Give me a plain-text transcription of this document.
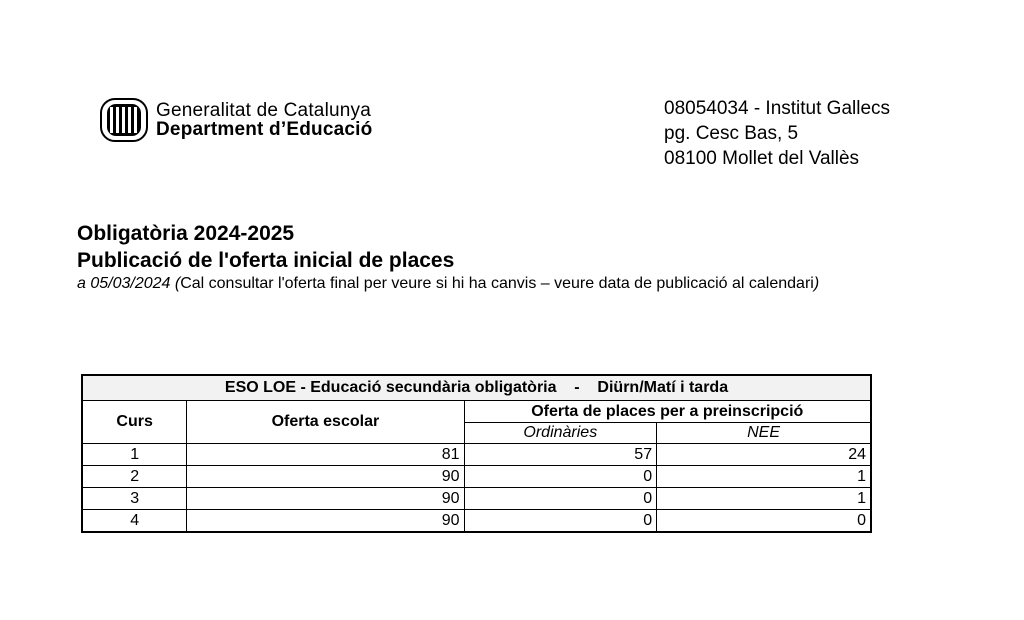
Generalitat de Catalunya
Department d’Educació
08054034 - Institut Gallecs
pg. Cesc Bas, 5
08100 Mollet del Vallès
Obligatòria 2024-2025
Publicació de l'oferta inicial de places
a 05/03/2024 (Cal consultar l'oferta final per veure si hi ha canvis – veure data de publicació al calendari)
ESO LOE - Educació secundària obligatòria    -    Diürn/Matí i tarda			
Curs	Oferta escolar	Oferta de places per a preinscripció	
		Ordinàries	NEE
1	81	57	24
2	90	0	1
3	90	0	1
4	90	0	0
